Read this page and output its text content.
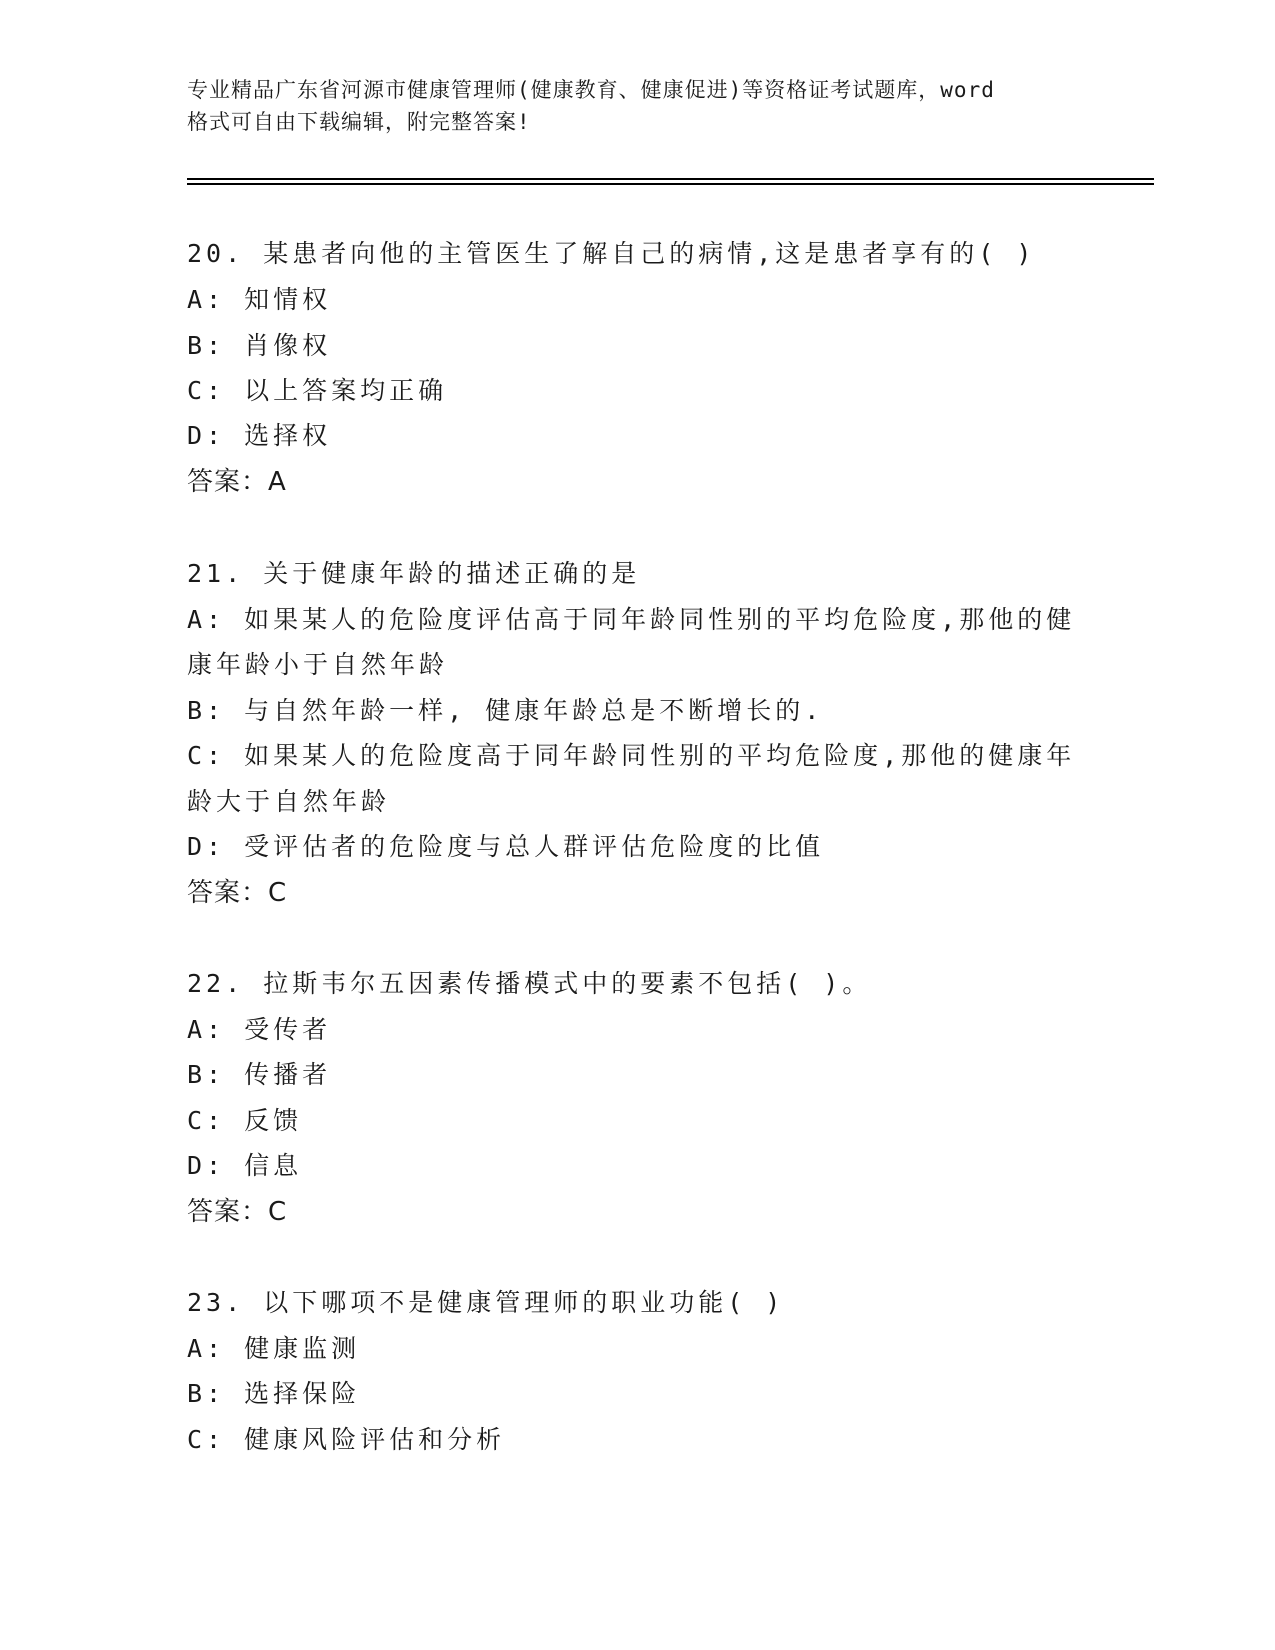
专业精品广东省河源市健康管理师(健康教育、健康促进)等资格证考试题库，word
格式可自由下载编辑，附完整答案!
20. 某患者向他的主管医生了解自己的病情,这是患者享有的( )
A: 知情权
B: 肖像权
C: 以上答案均正确
D: 选择权
答案：A
21. 关于健康年龄的描述正确的是
A: 如果某人的危险度评估高于同年龄同性别的平均危险度,那他的健
康年龄小于自然年龄
B: 与自然年龄一样, 健康年龄总是不断增长的.
C: 如果某人的危险度高于同年龄同性别的平均危险度,那他的健康年
龄大于自然年龄
D: 受评估者的危险度与总人群评估危险度的比值
答案：C
22. 拉斯韦尔五因素传播模式中的要素不包括( )。
A: 受传者
B: 传播者
C: 反馈
D: 信息
答案：C
23. 以下哪项不是健康管理师的职业功能( )
A: 健康监测
B: 选择保险
C: 健康风险评估和分析
